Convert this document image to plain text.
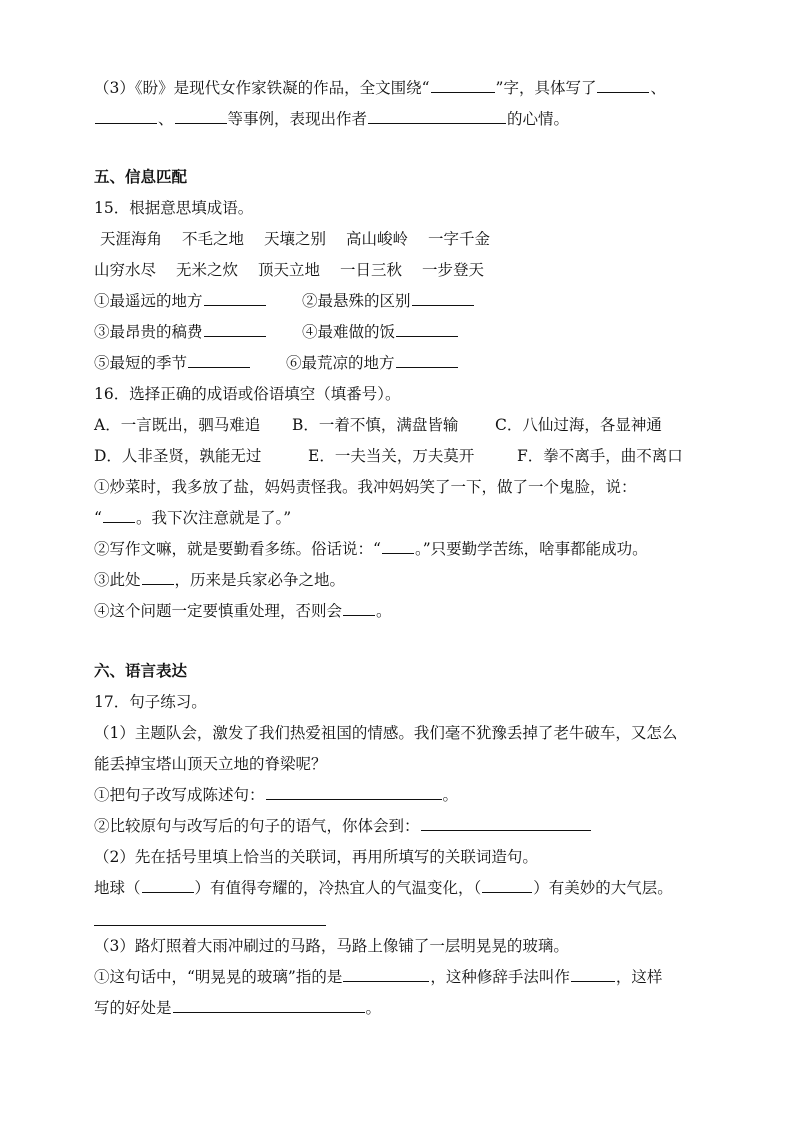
（3）《盼》是现代女作家铁凝的作品，全文围绕“	”字，具体写了	、
、	等事例，表现出作者	的心情。
五、信息匹配
15．根据意思填成语。
天涯海角 不毛之地 天壤之别 高山峻岭 一字千金
山穷水尽 无米之炊 顶天立地 一日三秋 一步登天
①最遥远的地方	②最悬殊的区别
③最昂贵的稿费	④最难做的饭
⑤最短的季节	⑥最荒凉的地方
16．选择正确的成语或俗语填空（填番号）。
A．一言既出，驷马难追 B．一着不慎，满盘皆输 C．八仙过海，各显神通
D．人非圣贤，孰能无过	E．一夫当关，万夫莫开	F．拳不离手，曲不离口
①炒菜时，我多放了盐，妈妈责怪我。我冲妈妈笑了一下，做了一个鬼脸，说：
“ 。我下次注意就是了。”
②写作文嘛，就是要勤看多练。俗话说：“ 。”只要勤学苦练，啥事都能成功。
③此处 ，历来是兵家必争之地。
④这个问题一定要慎重处理，否则会 。
六、语言表达
17．句子练习。
（1）主题队会，激发了我们热爱祖国的情感。我们毫不犹豫丢掉了老牛破车，又怎么
能丢掉宝塔山顶天立地的脊梁呢？
①把句子改写成陈述句：	。
②比较原句与改写后的句子的语气，你体会到：
（2）先在括号里填上恰当的关联词，再用所填写的关联词造句。
地球（	）有值得夸耀的，冷热宜人的气温变化，（	）有美妙的大气层。
（3）路灯照着大雨冲刷过的马路，马路上像铺了一层明晃晃的玻璃。
①这句话中，“明晃晃的玻璃”指的是	，这种修辞手法叫作	，这样
写的好处是	。
